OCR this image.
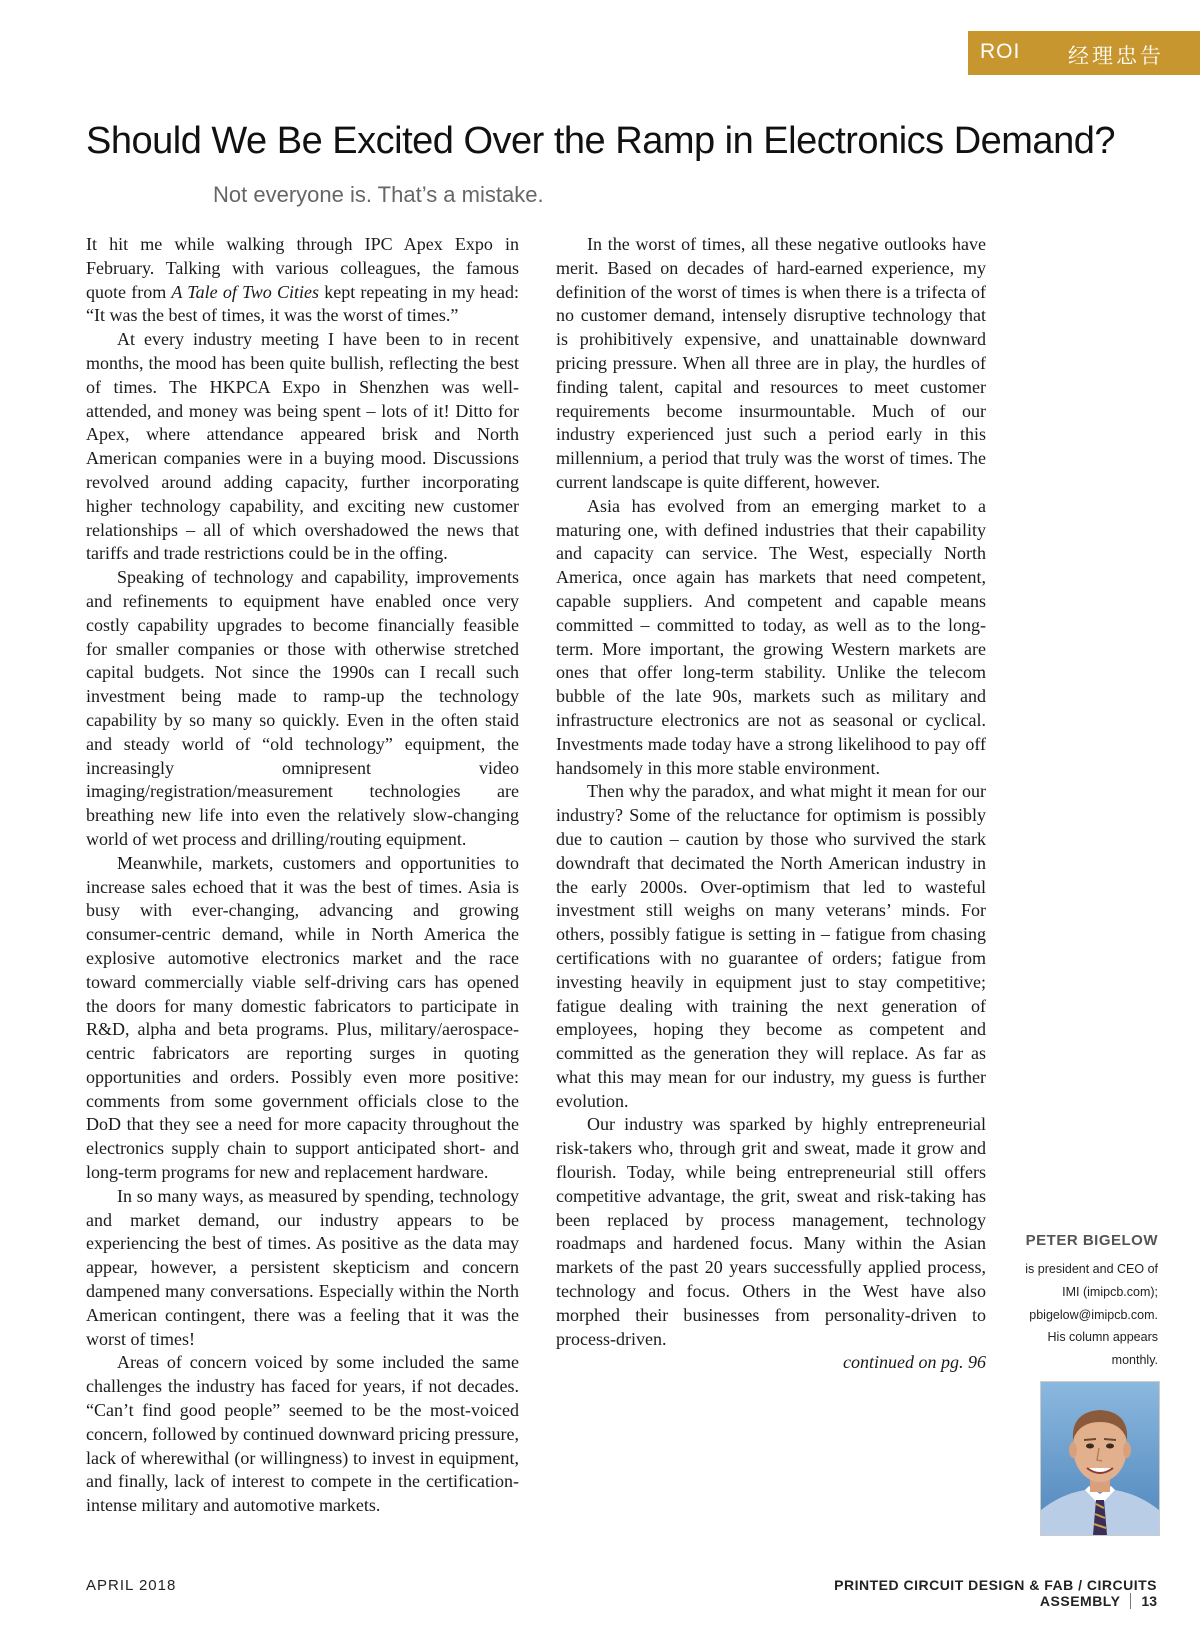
ROI 经理忠告
Should We Be Excited Over the Ramp in Electronics Demand?
Not everyone is. That’s a mistake.

It hit me while walking through IPC Apex Expo in February. Talking with various colleagues, the famous quote from A Tale of Two Cities kept repeating in my head: “It was the best of times, it was the worst of times.”

At every industry meeting I have been to in recent months, the mood has been quite bullish, reflecting the best of times. The HKPCA Expo in Shenzhen was well-attended, and money was being spent – lots of it! Ditto for Apex, where attendance appeared brisk and North American companies were in a buying mood. Discussions revolved around adding capacity, further incorporating higher technology capability, and exciting new customer relationships – all of which overshadowed the news that tariffs and trade restrictions could be in the offing.

Speaking of technology and capability, improvements and refinements to equipment have enabled once very costly capability upgrades to become financially feasible for smaller companies or those with otherwise stretched capital budgets. Not since the 1990s can I recall such investment being made to ramp-up the technology capability by so many so quickly. Even in the often staid and steady world of “old technology” equipment, the increasingly omnipresent video imaging/registration/measurement technologies are breathing new life into even the relatively slow-changing world of wet process and drilling/routing equipment.

Meanwhile, markets, customers and opportunities to increase sales echoed that it was the best of times. Asia is busy with ever-changing, advancing and growing consumer-centric demand, while in North America the explosive automotive electronics market and the race toward commercially viable self-driving cars has opened the doors for many domestic fabricators to participate in R&D, alpha and beta programs. Plus, military/aerospace-centric fabricators are reporting surges in quoting opportunities and orders. Possibly even more positive: comments from some government officials close to the DoD that they see a need for more capacity throughout the electronics supply chain to support anticipated short- and long-term programs for new and replacement hardware.

In so many ways, as measured by spending, technology and market demand, our industry appears to be experiencing the best of times. As positive as the data may appear, however, a persistent skepticism and concern dampened many conversations. Especially within the North American contingent, there was a feeling that it was the worst of times!

Areas of concern voiced by some included the same challenges the industry has faced for years, if not decades. “Can’t find good people” seemed to be the most-voiced concern, followed by continued downward pricing pressure, lack of wherewithal (or willingness) to invest in equipment, and finally, lack of interest to compete in the certification-intense military and automotive markets.

In the worst of times, all these negative outlooks have merit. Based on decades of hard-earned experience, my definition of the worst of times is when there is a trifecta of no customer demand, intensely disruptive technology that is prohibitively expensive, and unattainable downward pricing pressure. When all three are in play, the hurdles of finding talent, capital and resources to meet customer requirements become insurmountable. Much of our industry experienced just such a period early in this millennium, a period that truly was the worst of times. The current landscape is quite different, however.

Asia has evolved from an emerging market to a maturing one, with defined industries that their capability and capacity can service. The West, especially North America, once again has markets that need competent, capable suppliers. And competent and capable means committed – committed to today, as well as to the long-term. More important, the growing Western markets are ones that offer long-term stability. Unlike the telecom bubble of the late 90s, markets such as military and infrastructure electronics are not as seasonal or cyclical. Investments made today have a strong likelihood to pay off handsomely in this more stable environment.

Then why the paradox, and what might it mean for our industry? Some of the reluctance for optimism is possibly due to caution – caution by those who survived the stark downdraft that decimated the North American industry in the early 2000s. Over-optimism that led to wasteful investment still weighs on many veterans’ minds. For others, possibly fatigue is setting in – fatigue from chasing certifications with no guarantee of orders; fatigue from investing heavily in equipment just to stay competitive; fatigue dealing with training the next generation of employees, hoping they become as competent and committed as the generation they will replace. As far as what this may mean for our industry, my guess is further evolution.

Our industry was sparked by highly entrepreneurial risk-takers who, through grit and sweat, made it grow and flourish. Today, while being entrepreneurial still offers competitive advantage, the grit, sweat and risk-taking has been replaced by process management, technology roadmaps and hardened focus. Many within the Asian markets of the past 20 years successfully applied process, technology and focus. Others in the West have also morphed their businesses from personality-driven to process-driven.

continued on pg. 96

PETER BIGELOW
is president and CEO of IMI (imipcb.com); pbigelow@imipcb.com. His column appears monthly.
APRIL 2018	PRINTED CIRCUIT DESIGN & FAB / CIRCUITS ASSEMBLY 13
